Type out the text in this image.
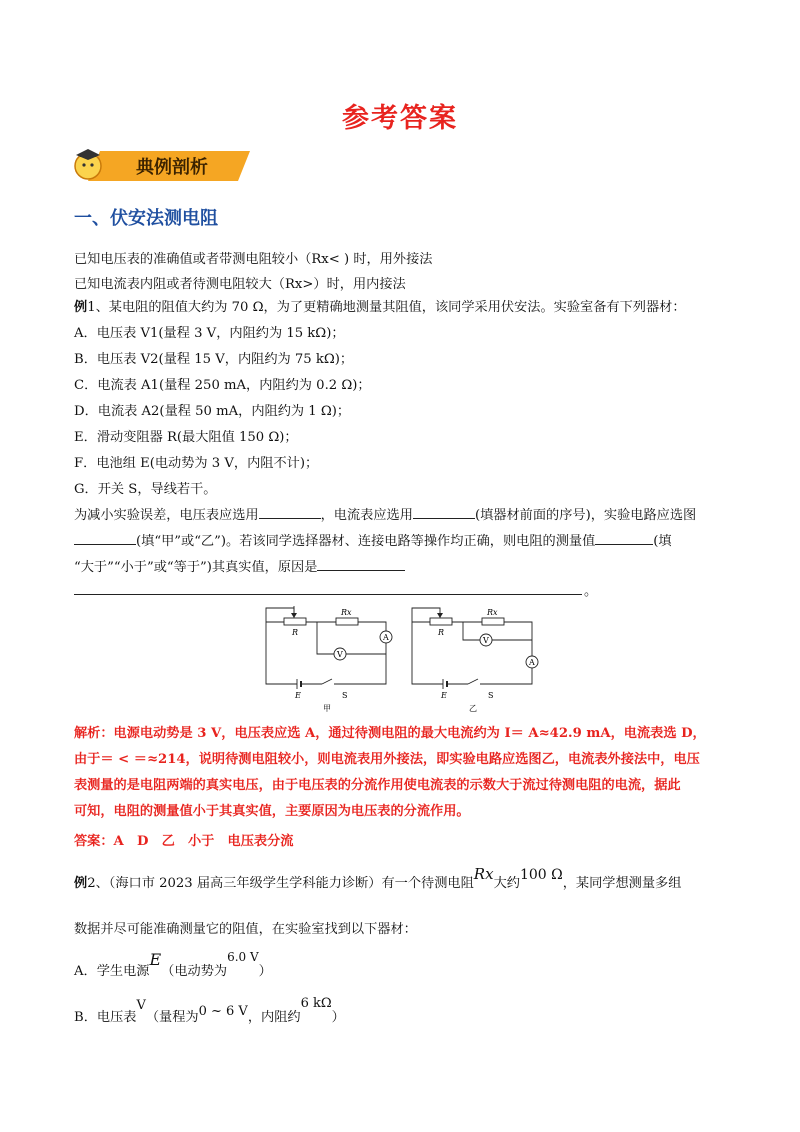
参考答案
典例剖析
一、伏安法测电阻
已知电压表的准确值或者带测电阻较小（Rx< ) 时，用外接法
已知电流表内阻或者待测电阻较大（Rx>）时，用内接法
例1、某电阻的阻值大约为 70 Ω，为了更精确地测量其阻值，该同学采用伏安法。实验室备有下列器材：
A．电压表 V1(量程 3 V，内阻约为 15 kΩ)；
B．电压表 V2(量程 15 V，内阻约为 75 kΩ)；
C．电流表 A1(量程 250 mA，内阻约为 0.2 Ω)；
D．电流表 A2(量程 50 mA，内阻约为 1 Ω)；
E．滑动变阻器 R(最大阻值 150 Ω)；
F．电池组 E(电动势为 3 V，内阻不计)；
G．开关 S，导线若干。
为减小实验误差，电压表应选用	，电流表应选用	(填器材前面的序号)，实验电路应选图
(填“甲”或“乙”)。若该同学选择器材、连接电路等操作均正确，则电阻的测量值	(填
“大于”“小于”或“等于”)其真实值，原因是
。
R
Rx
A
V
E	S
甲
R
Rx
V
A
E	S
乙
解析：电源电动势是 3 V，电压表应选 A，通过待测电阻的最大电流约为 I＝ A≈42.9 mA，电流表选 D，
由于＝ < ＝≈214，说明待测电阻较小，则电流表用外接法，即实验电路应选图乙，电流表外接法中，电压
表测量的是电阻两端的真实电压，由于电压表的分流作用使电流表的示数大于流过待测电阻的电流，据此
可知，电阻的测量值小于其真实值，主要原因为电压表的分流作用。
答案：A　D　乙　小于　电压表分流
例2、（海口市 2023 届高三年级学生学科能力诊断）有一个待测电阻Rx大约100 Ω，某同学想测量多组
数据并尽可能准确测量它的阻值，在实验室找到以下器材：
A．学生电源E（电动势为6.0 V）
B．电压表V（量程为0 ~ 6 V，内阻约6 kΩ）
